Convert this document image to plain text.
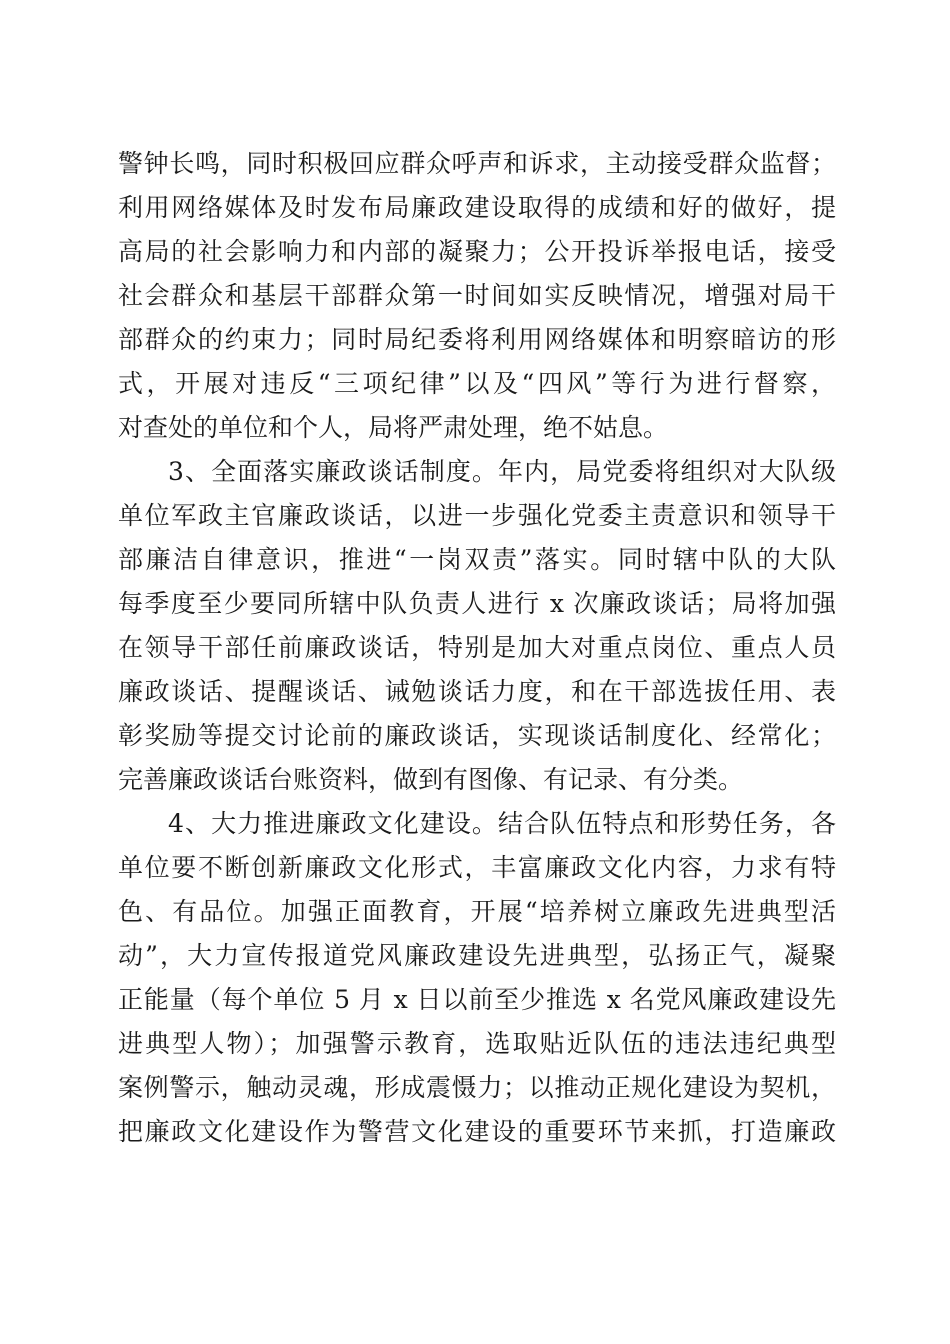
警钟长鸣，同时积极回应群众呼声和诉求，主动接受群众监督；
利用网络媒体及时发布局廉政建设取得的成绩和好的做好，提
高局的社会影响力和内部的凝聚力；公开投诉举报电话，接受
社会群众和基层干部群众第一时间如实反映情况，增强对局干
部群众的约束力；同时局纪委将利用网络媒体和明察暗访的形
式，开展对违反“三项纪律”以及“四风”等行为进行督察，
对查处的单位和个人，局将严肃处理，绝不姑息。
3、全面落实廉政谈话制度。年内，局党委将组织对大队级
单位军政主官廉政谈话，以进一步强化党委主责意识和领导干
部廉洁自律意识，推进“一岗双责”落实。同时辖中队的大队
每季度至少要同所辖中队负责人进行 x 次廉政谈话；局将加强
在领导干部任前廉政谈话，特别是加大对重点岗位、重点人员
廉政谈话、提醒谈话、诫勉谈话力度，和在干部选拔任用、表
彰奖励等提交讨论前的廉政谈话，实现谈话制度化、经常化；
完善廉政谈话台账资料，做到有图像、有记录、有分类。
4、大力推进廉政文化建设。结合队伍特点和形势任务，各
单位要不断创新廉政文化形式，丰富廉政文化内容，力求有特
色、有品位。加强正面教育，开展“培养树立廉政先进典型活
动”，大力宣传报道党风廉政建设先进典型，弘扬正气，凝聚
正能量（每个单位 5 月 x 日以前至少推选 x 名党风廉政建设先
进典型人物）；加强警示教育，选取贴近队伍的违法违纪典型
案例警示，触动灵魂，形成震慑力；以推动正规化建设为契机，
把廉政文化建设作为警营文化建设的重要环节来抓，打造廉政
